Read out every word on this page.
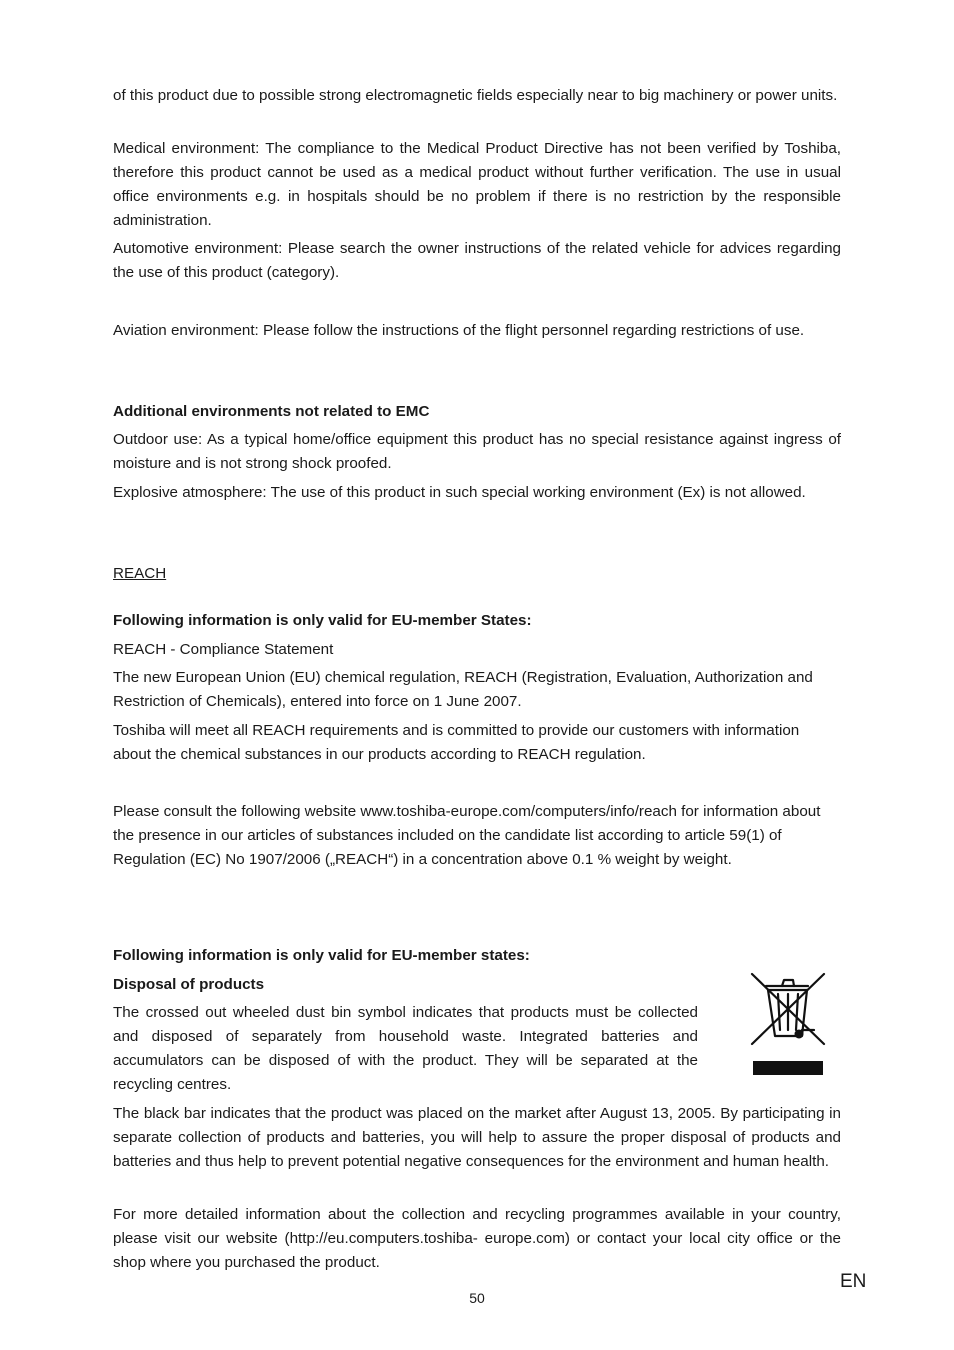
of this product due to possible strong electromagnetic fields especially near to big machinery or power units.

Medical environment: The compliance to the Medical Product Directive has not been verified by Toshiba, therefore this product cannot be used as a medical product without further verification. The use in usual office environments e.g. in hospitals should be no problem if there is no restriction by the responsible administration.

Automotive environment: Please search the owner instructions of the related vehicle for advices regarding the use of this product (category).

Aviation environment: Please follow the instructions of the flight personnel regarding restrictions of use.

Additional environments not related to EMC

Outdoor use: As a typical home/office equipment this product has no special resistance against ingress of moisture and is not strong shock proofed.

Explosive atmosphere: The use of this product in such special working environment (Ex) is not allowed.

REACH

Following information is only valid for EU-member States:

REACH - Compliance Statement

The new European Union (EU) chemical regulation, REACH (Registration, Evaluation, Authorization and Restriction of Chemicals), entered into force on 1 June 2007.

Toshiba will meet all REACH requirements and is committed to provide our customers with information about the chemical substances in our products according to REACH regulation.

Please consult the following website www.toshiba-europe.com/computers/info/reach for information about the presence in our articles of substances included on the candidate list according to article 59(1) of Regulation (EC) No 1907/2006 („REACH“) in a concentration above 0.1 % weight by weight.

Following information is only valid for EU-member states:

Disposal of products

The crossed out wheeled dust bin symbol indicates that products must be collected and disposed of separately from household waste. Integrated batteries and accumulators can be disposed of with the product. They will be separated at the recycling centres.

The black bar indicates that the product was placed on the market after August 13, 2005. By participating in separate collection of products and batteries, you will help to assure the proper disposal of products and batteries and thus help to prevent potential negative consequences for the environment and human health.

For more detailed information about the collection and recycling programmes available in your country, please visit our website (http://eu.computers.toshiba- europe.com) or contact your local city office or the shop where you purchased the product.

50
EN
